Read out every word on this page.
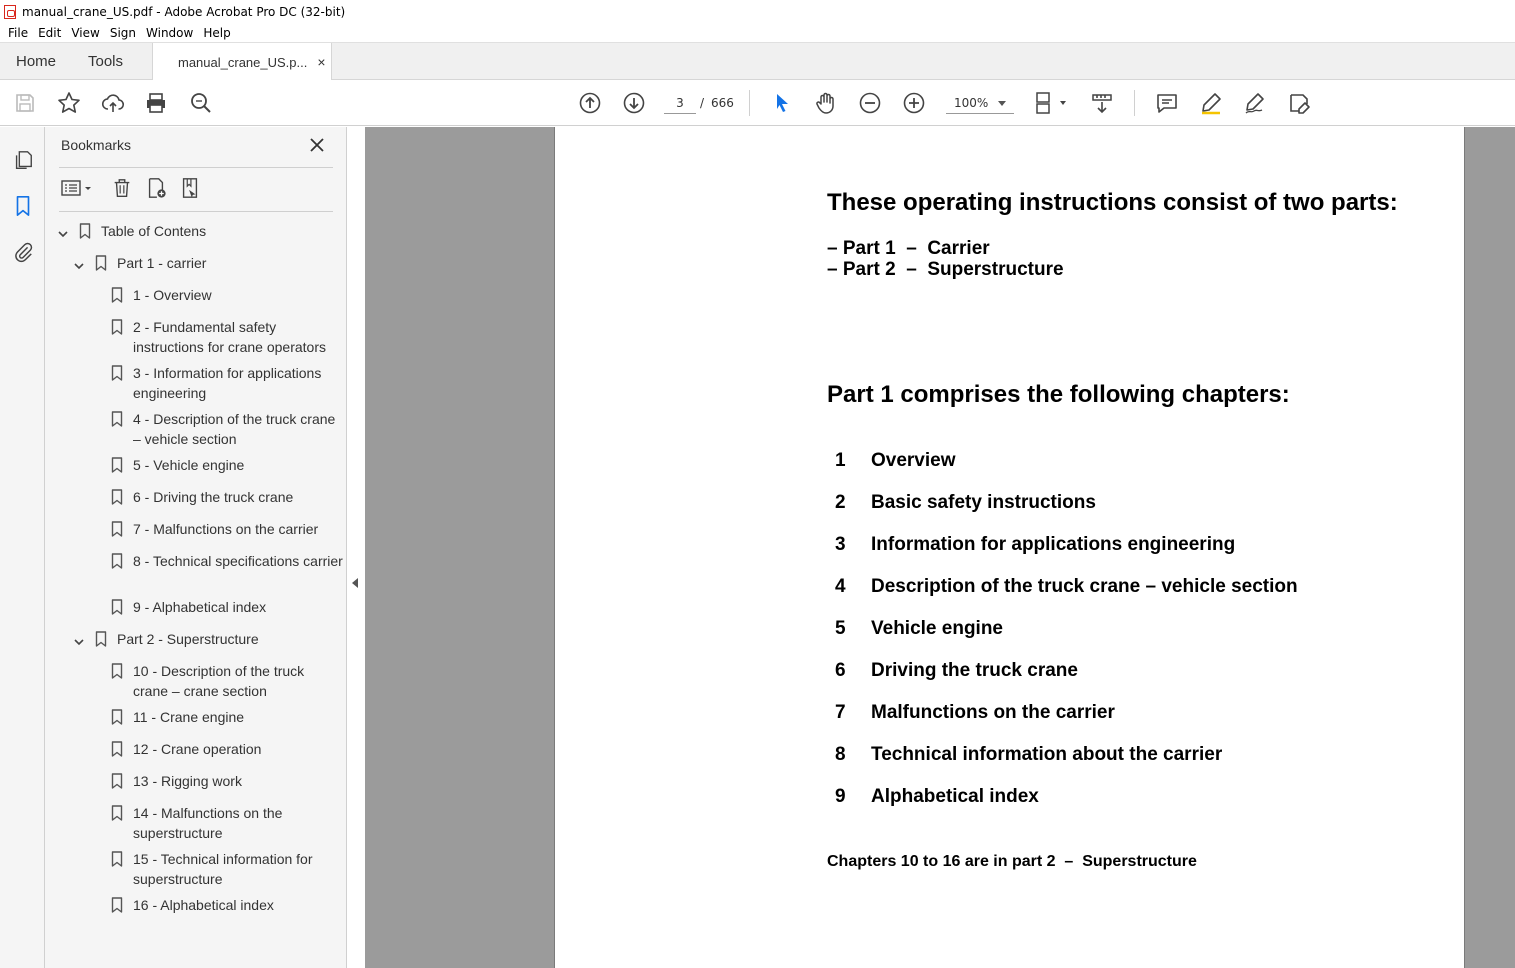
manual_crane_US.pdf - Adobe Acrobat Pro DC (32-bit)
File Edit View Sign Window Help
Home Tools	manual_crane_US.p... ×
3	/ 666	100%
Bookmarks
Table of Contens
Part 1 - carrier
1 - Overview
2 - Fundamental safety instructions for crane operators
3 - Information for applications engineering
4 - Description of the truck crane – vehicle section
5 - Vehicle engine
6 - Driving the truck crane
7 - Malfunctions on the carrier
8 - Technical specifications carrier
9 - Alphabetical index
Part 2 - Superstructure
10 - Description of the truck crane – crane section
11 - Crane engine
12 - Crane operation
13 - Rigging work
14 - Malfunctions on the superstructure
15 - Technical information for superstructure
16 - Alphabetical index
These operating instructions consist of two parts:
– Part 1  –  Carrier
– Part 2  –  Superstructure
Part 1 comprises the following chapters:
1	Overview
2	Basic safety instructions
3	Information for applications engineering
4	Description of the truck crane – vehicle section
5	Vehicle engine
6	Driving the truck crane
7	Malfunctions on the carrier
8	Technical information about the carrier
9	Alphabetical index
Chapters 10 to 16 are in part 2  –  Superstructure
